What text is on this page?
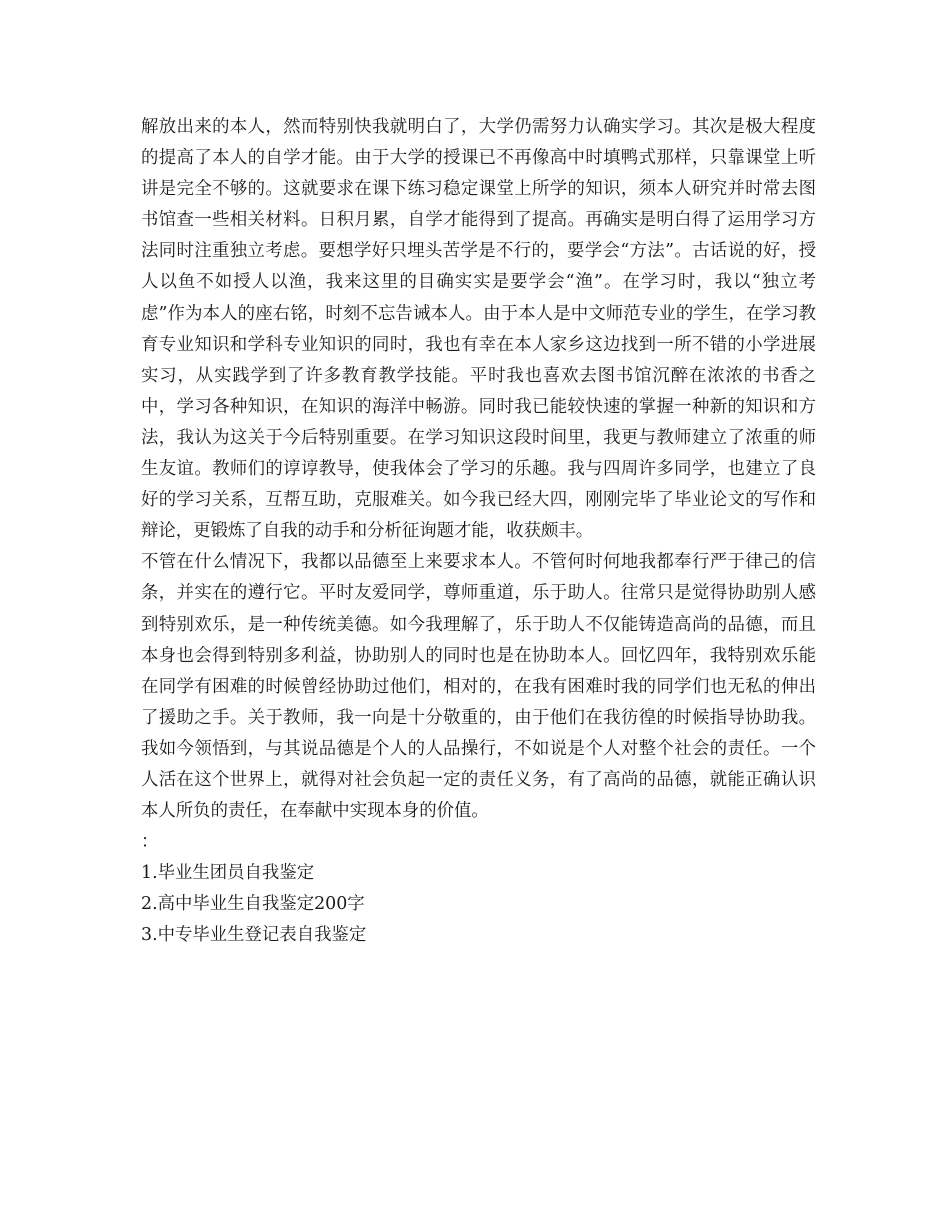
解放出来的本人，然而特别快我就明白了，大学仍需努力认确实学习。其次是极大程度的提高了本人的自学才能。由于大学的授课已不再像高中时填鸭式那样，只靠课堂上听讲是完全不够的。这就要求在课下练习稳定课堂上所学的知识，须本人研究并时常去图书馆查一些相关材料。日积月累，自学才能得到了提高。再确实是明白得了运用学习方法同时注重独立考虑。要想学好只埋头苦学是不行的，要学会“方法”。古话说的好，授人以鱼不如授人以渔，我来这里的目确实实是要学会“渔”。在学习时，我以“独立考虑”作为本人的座右铭，时刻不忘告诫本人。由于本人是中文师范专业的学生，在学习教育专业知识和学科专业知识的同时，我也有幸在本人家乡这边找到一所不错的小学进展实习，从实践学到了许多教育教学技能。平时我也喜欢去图书馆沉醉在浓浓的书香之中，学习各种知识，在知识的海洋中畅游。同时我已能较快速的掌握一种新的知识和方法，我认为这关于今后特别重要。在学习知识这段时间里，我更与教师建立了浓重的师生友谊。教师们的谆谆教导，使我体会了学习的乐趣。我与四周许多同学，也建立了良好的学习关系，互帮互助，克服难关。如今我已经大四，刚刚完毕了毕业论文的写作和辩论，更锻炼了自我的动手和分析征询题才能，收获颇丰。

不管在什么情况下，我都以品德至上来要求本人。不管何时何地我都奉行严于律己的信条，并实在的遵行它。平时友爱同学，尊师重道，乐于助人。往常只是觉得协助别人感到特别欢乐，是一种传统美德。如今我理解了，乐于助人不仅能铸造高尚的品德，而且本身也会得到特别多利益，协助别人的同时也是在协助本人。回忆四年，我特别欢乐能在同学有困难的时候曾经协助过他们，相对的，在我有困难时我的同学们也无私的伸出了援助之手。关于教师，我一向是十分敬重的，由于他们在我彷徨的时候指导协助我。我如今领悟到，与其说品德是个人的人品操行，不如说是个人对整个社会的责任。一个人活在这个世界上，就得对社会负起一定的责任义务，有了高尚的品德，就能正确认识本人所负的责任，在奉献中实现本身的价值。

：

1.毕业生团员自我鉴定
2.高中毕业生自我鉴定200字
3.中专毕业生登记表自我鉴定
